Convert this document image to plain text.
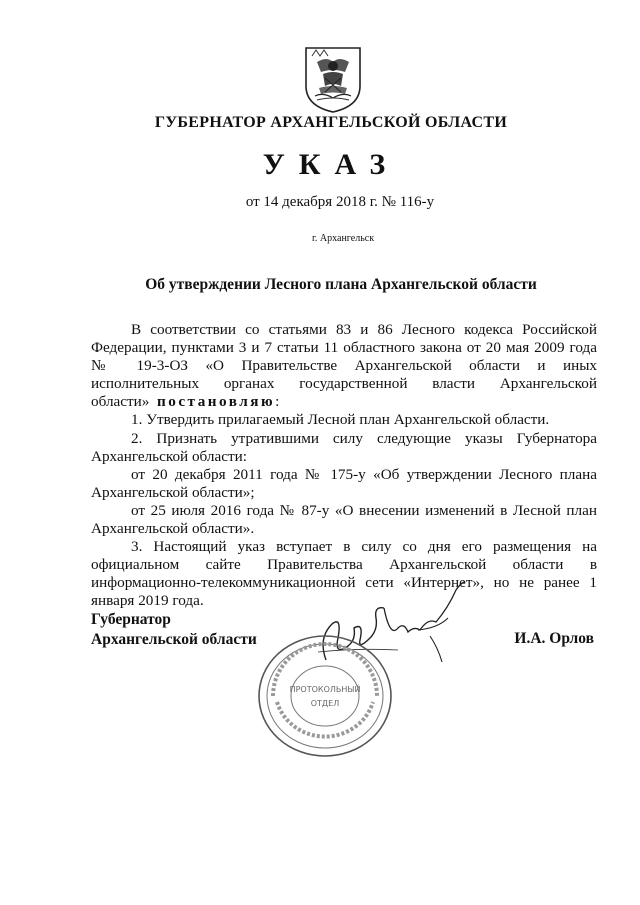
ГУБЕРНАТОР АРХАНГЕЛЬСКОЙ ОБЛАСТИ
УКАЗ
от 14 декабря 2018 г. № 116-у
г. Архангельск
Об утверждении Лесного плана Архангельской области

В соответствии со статьями 83 и 86 Лесного кодекса Российской Федерации, пунктами 3 и 7 статьи 11 областного закона от 20 мая 2009 года № 19-3-ОЗ «О Правительстве Архангельской области и иных исполнительных органах государственной власти Архангельской области» постановляю:

1. Утвердить прилагаемый Лесной план Архангельской области.

2. Признать утратившими силу следующие указы Губернатора Архангельской области:

от 20 декабря 2011 года № 175-у «Об утверждении Лесного плана Архангельской области»;

от 25 июля 2016 года № 87-у «О внесении изменений в Лесной план Архангельской области».

3. Настоящий указ вступает в силу со дня его размещения на официальном сайте Правительства Архангельской области в информационно-телекоммуникационной сети «Интернет», но не ранее 1 января 2019 года.

Губернатор
Архангельской области	И.А. Орлов
ПРОТОКОЛЬНЫЙ
ОТДЕЛ
